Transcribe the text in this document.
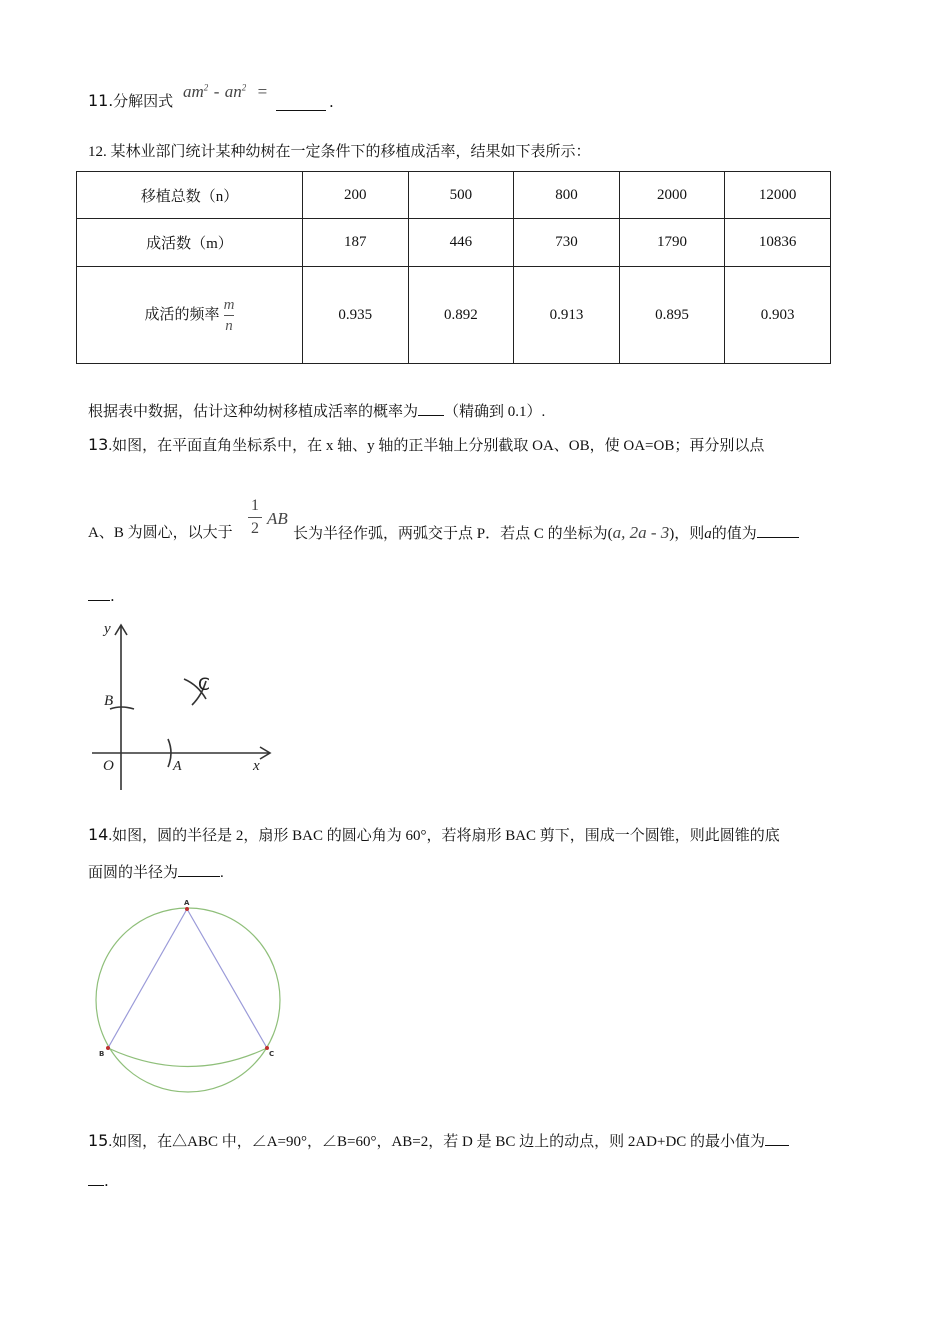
11.分解因式 $am^2 - an^2$ =
.
12. 某林业部门统计某种幼树在一定条件下的移植成活率，结果如下表所示：
移植总数（n）	200	500	800	2000	12000
成活数（m）	187	446	730	1790	10836
成活的频率 $\frac{m}{n}$	0.935	0.892	0.913	0.895	0.903
根据表中数据，估计这种幼树移植成活率的概率为 （精确到 0.1）.
13.如图，在平面直角坐标系中，在 x 轴、y 轴的正半轴上分别截取 OA、OB，使 OA=OB；再分别以点
A、B 为圆心，以大于
1
2
AB
长为半径作弧，两弧交于点 P．若点 C 的坐标为(a, 2a - 3)，则a的值为
.
y
B
O	A	x
C
14.如图，圆的半径是 2，扇形 BAC 的圆心角为 60°，若将扇形 BAC 剪下，围成一个圆锥，则此圆锥的底
面圆的半径为	.
A
B	C
15.如图，在△ABC 中，∠A=90°，∠B=60°，AB=2，若 D 是 BC 边上的动点，则 2AD+DC 的最小值为
.
